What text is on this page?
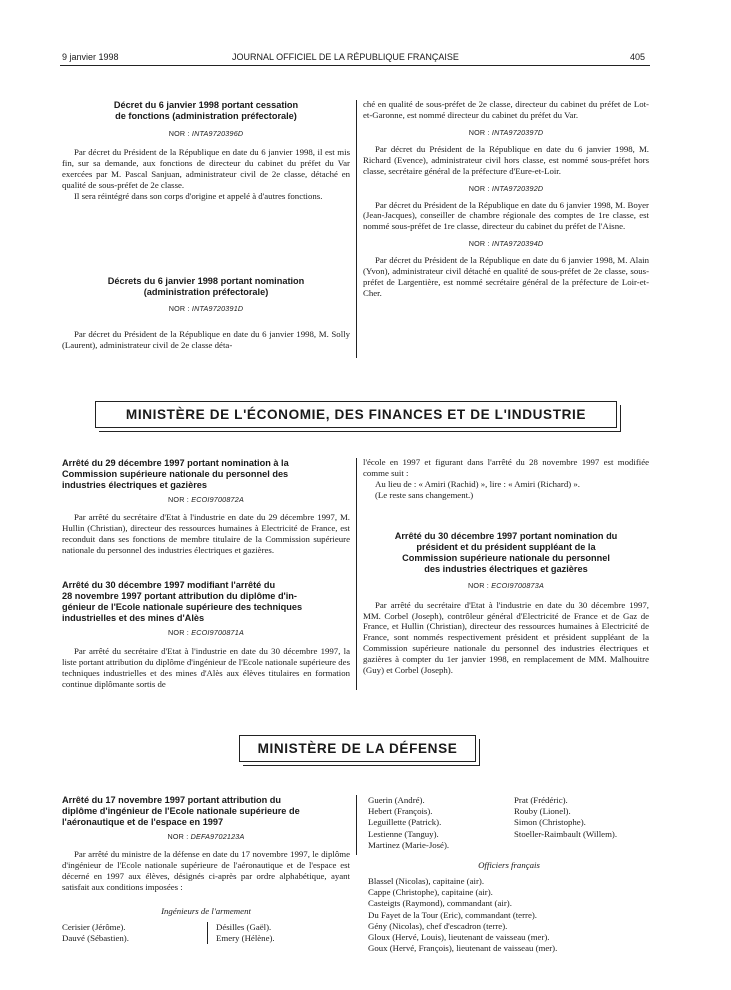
9 janvier 1998	JOURNAL OFFICIEL DE LA RÉPUBLIQUE FRANÇAISE	405
Décret du 6 janvier 1998 portant cessation
de fonctions (administration préfectorale)
NOR : INTA9720396D

Par décret du Président de la République en date du 6 janvier 1998, il est mis fin, sur sa demande, aux fonctions de directeur du cabinet du préfet du Var exercées par M. Pascal Sanjuan, administrateur civil de 2e classe, détaché en qualité de sous-préfet de 2e classe.

Il sera réintégré dans son corps d'origine et appelé à d'autres fonctions.

Décrets du 6 janvier 1998 portant nomination
(administration préfectorale)
NOR : INTA9720391D

Par décret du Président de la République en date du 6 janvier 1998, M. Solly (Laurent), administrateur civil de 2e classe déta-

ché en qualité de sous-préfet de 2e classe, directeur du cabinet du préfet de Lot-et-Garonne, est nommé directeur du cabinet du préfet du Var.

NOR : INTA9720397D

Par décret du Président de la République en date du 6 janvier 1998, M. Richard (Evence), administrateur civil hors classe, est nommé sous-préfet hors classe, secrétaire général de la préfecture d'Eure-et-Loir.

NOR : INTA9720392D

Par décret du Président de la République en date du 6 janvier 1998, M. Boyer (Jean-Jacques), conseiller de chambre régionale des comptes de 1re classe, est nommé sous-préfet de 1re classe, directeur du cabinet du préfet de l'Aisne.

NOR : INTA9720394D

Par décret du Président de la République en date du 6 janvier 1998, M. Alain (Yvon), administrateur civil détaché en qualité de sous-préfet de 2e classe, sous-préfet de Largentière, est nommé secrétaire général de la préfecture de Loir-et-Cher.

MINISTÈRE DE L'ÉCONOMIE, DES FINANCES ET DE L'INDUSTRIE
Arrêté du 29 décembre 1997 portant nomination à la
Commission supérieure nationale du personnel des
industries électriques et gazières
NOR : ECOI9700872A

Par arrêté du secrétaire d'Etat à l'industrie en date du 29 décembre 1997, M. Hullin (Christian), directeur des ressources humaines à Electricité de France, est reconduit dans ses fonctions de membre titulaire de la Commission supérieure nationale du personnel des industries électriques et gazières.

Arrêté du 30 décembre 1997 modifiant l'arrêté du
28 novembre 1997 portant attribution du diplôme d'in-
génieur de l'Ecole nationale supérieure des techniques
industrielles et des mines d'Alès
NOR : ECOI9700871A

Par arrêté du secrétaire d'Etat à l'industrie en date du 30 décembre 1997, la liste portant attribution du diplôme d'ingénieur de l'Ecole nationale supérieure des techniques industrielles et des mines d'Alès aux élèves titulaires en formation continue diplômante sortis de

l'école en 1997 et figurant dans l'arrêté du 28 novembre 1997 est modifiée comme suit :

Au lieu de : « Amiri (Rachid) », lire : « Amiri (Richard) ».

(Le reste sans changement.)

Arrêté du 30 décembre 1997 portant nomination du
président et du président suppléant de la
Commission supérieure nationale du personnel
des industries électriques et gazières
NOR : ECOI9700873A

Par arrêté du secrétaire d'Etat à l'industrie en date du 30 décembre 1997, MM. Corbel (Joseph), contrôleur général d'Electricité de France et de Gaz de France, et Hullin (Christian), directeur des ressources humaines à Electricité de France, sont nommés respectivement président et président suppléant de la Commission supérieure nationale du personnel des industries électriques et gazières à compter du 1er janvier 1998, en remplacement de MM. Malhouitre (Guy) et Corbel (Joseph).

MINISTÈRE DE LA DÉFENSE
Arrêté du 17 novembre 1997 portant attribution du
diplôme d'ingénieur de l'Ecole nationale supérieure de
l'aéronautique et de l'espace en 1997
NOR : DEFA9702123A

Par arrêté du ministre de la défense en date du 17 novembre 1997, le diplôme d'ingénieur de l'Ecole nationale supérieure de l'aéronautique et de l'espace est décerné en 1997 aux élèves, désignés ci-après par ordre alphabétique, ayant satisfait aux conditions imposées :

Ingénieurs de l'armement
Cerisier (Jérôme).
Dauvé (Sébastien).
Désilles (Gaël).
Emery (Hélène).
Guerin (André).
Hebert (François).
Leguillette (Patrick).
Lestienne (Tanguy).
Martinez (Marie-José).
Prat (Frédéric).
Rouby (Lionel).
Simon (Christophe).
Stoeller-Raimbault (Willem).
Officiers français
Blassel (Nicolas), capitaine (air).
Cappe (Christophe), capitaine (air).
Casteigts (Raymond), commandant (air).
Du Fayet de la Tour (Eric), commandant (terre).
Gény (Nicolas), chef d'escadron (terre).
Gloux (Hervé, Louis), lieutenant de vaisseau (mer).
Goux (Hervé, François), lieutenant de vaisseau (mer).
